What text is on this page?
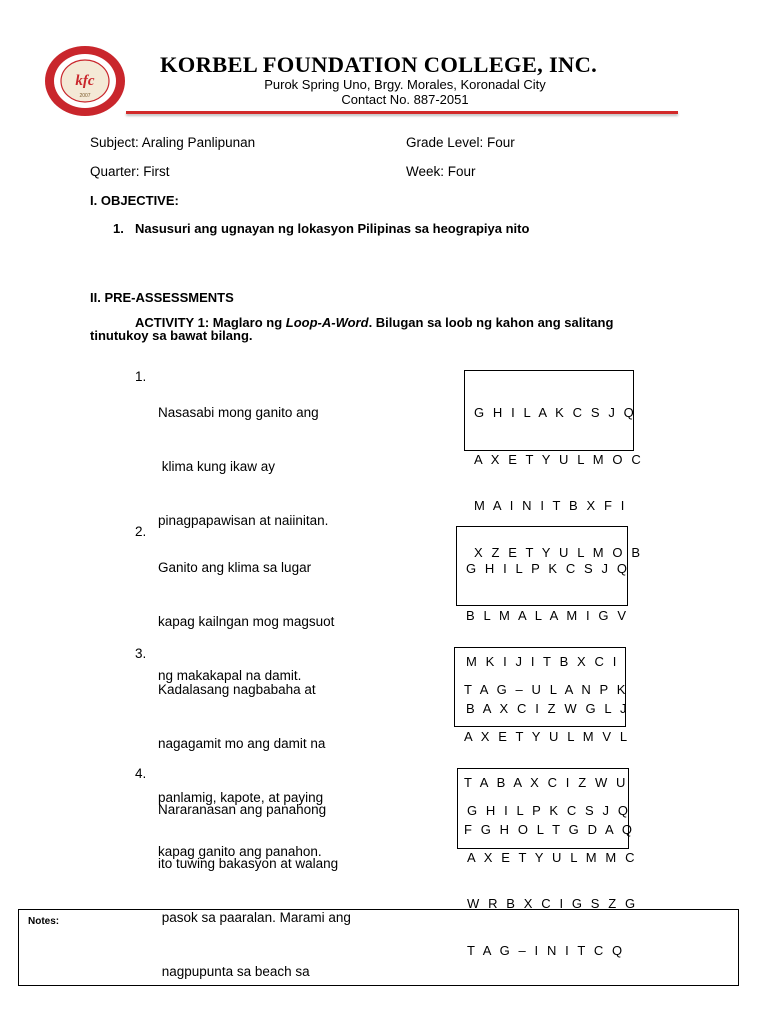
kfc
2007
KORBEL FOUNDATION COLLEGE, INC.
Purok Spring Uno, Brgy. Morales, Koronadal City
Contact No. 887-2051
Subject: Araling Panlipunan	Grade Level: Four
Quarter: First	Week: Four
I. OBJECTIVE:
1. Nasusuri ang ugnayan ng lokasyon Pilipinas sa heograpiya nito
II. PRE-ASSESSMENTS
ACTIVITY 1: Maglaro ng Loop-A-Word. Bilugan sa loob ng kahon ang salitang
tinutukoy sa bawat bilang.
1.

Nasasabi mong ganito ang

klima kung ikaw ay

pinagpapawisan at naiinitan.

G H I L A K C S J Q

A X E T Y U L M O C

M A I N I T B X F I

X Z E T Y U L M O B

2.

Ganito ang klima sa lugar

kapag kailngan mog magsuot

ng makakapal na damit.

G H I L P K C S J Q

B L M A L A M I G V

M K I J I T B X C I

B A X C I Z W G L J

3.

Kadalasang nagbabaha at

nagagamit mo ang damit na

panlamig, kapote, at paying

kapag ganito ang panahon.

T A G – U L A N P K

A X E T Y U L M V L

T A B A X C I Z W U

F G H O L T G D A Q

4.

Nararanasan ang panahong

ito tuwing bakasyon at walang

pasok sa paaralan. Marami ang

nagpupunta sa beach sa

G H I L P K C S J Q

A X E T Y U L M M C

W R B X C I G S Z G

T A G – I N I T C Q

Notes:
